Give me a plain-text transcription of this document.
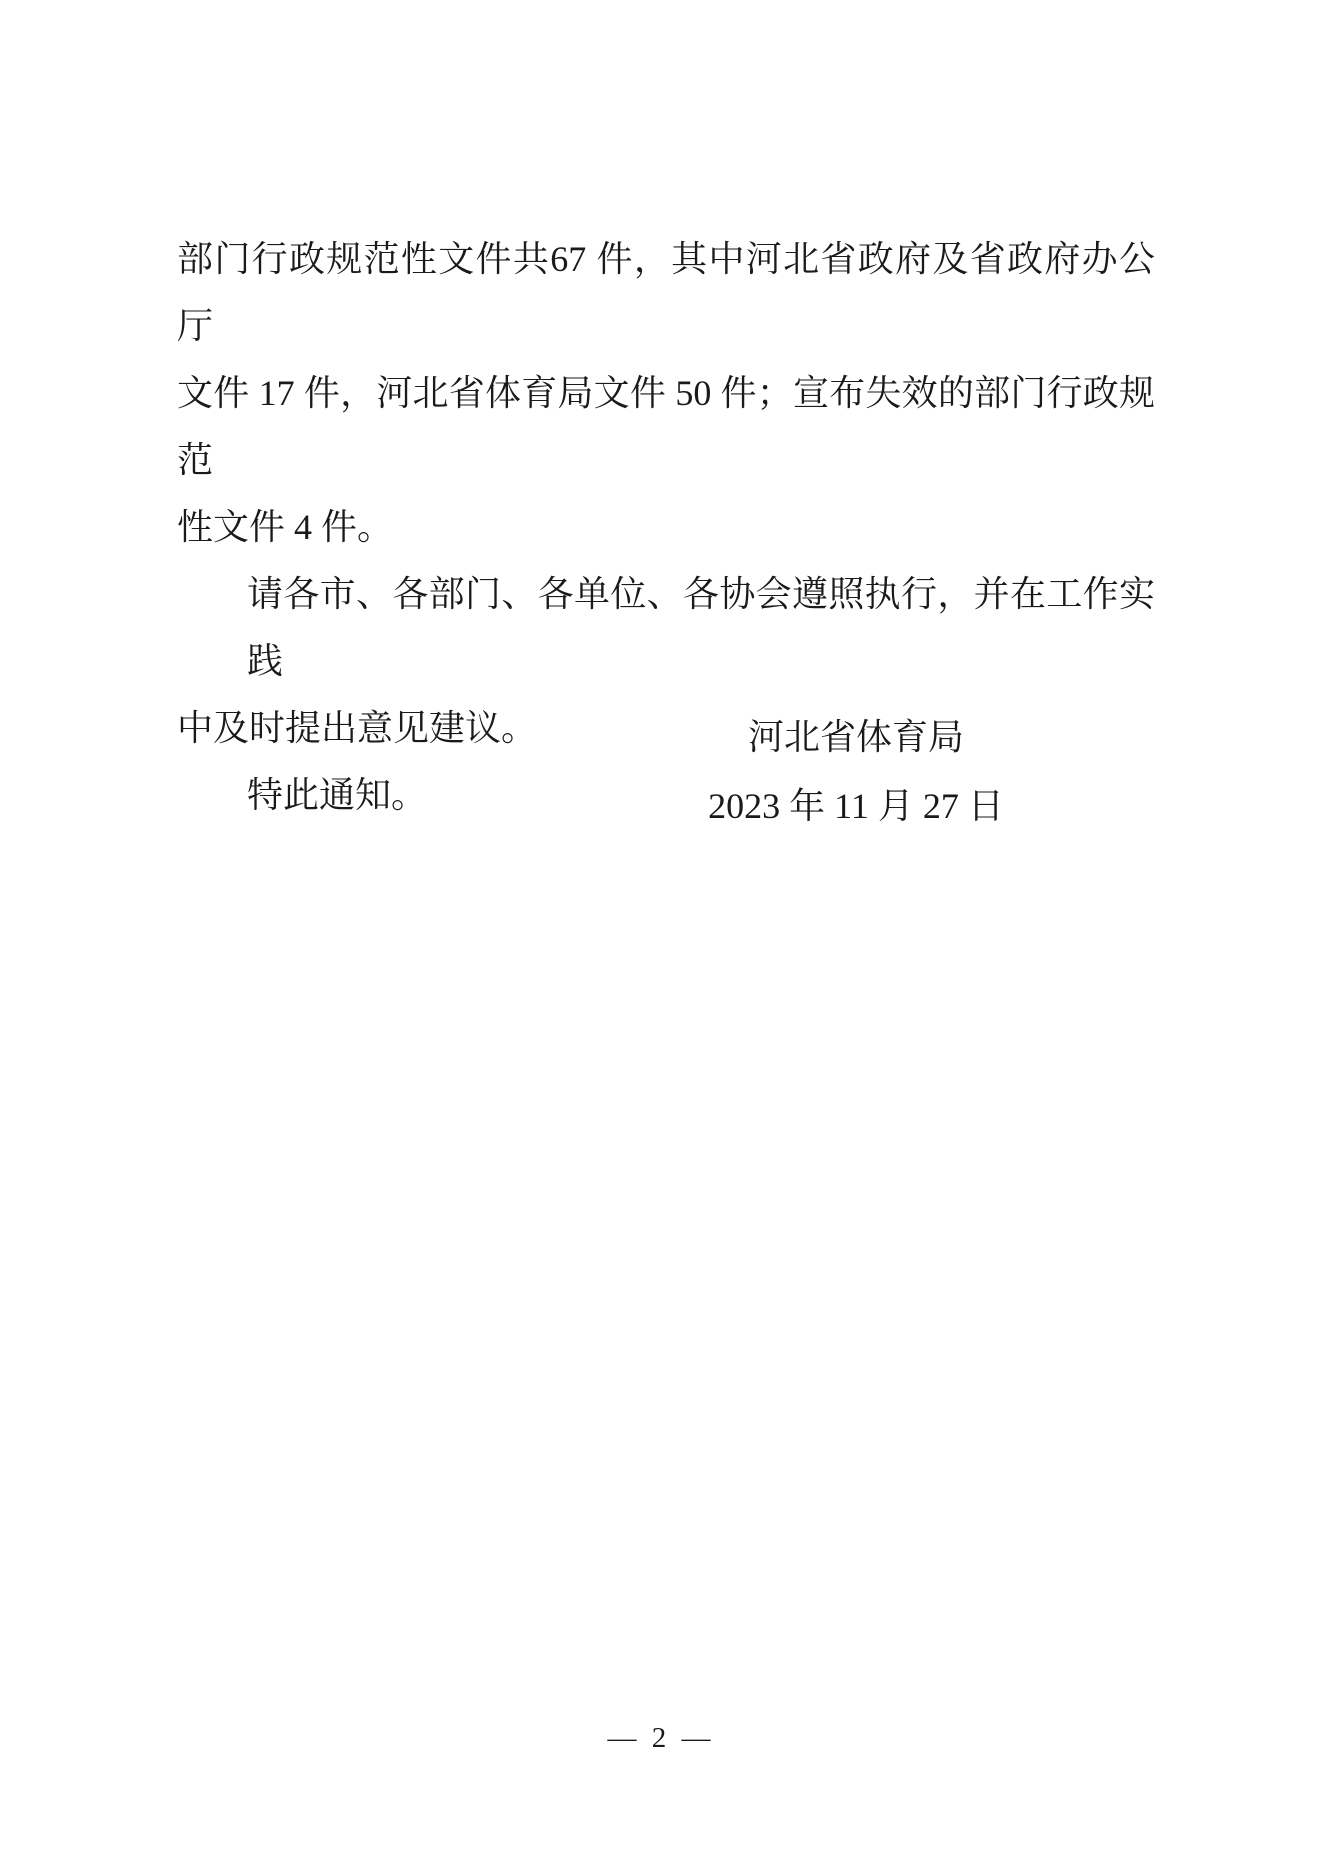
部门行政规范性文件共67 件，其中河北省政府及省政府办公厅
文件 17 件，河北省体育局文件 50 件；宣布失效的部门行政规范
性文件 4 件。
请各市、各部门、各单位、各协会遵照执行，并在工作实践
中及时提出意见建议。
特此通知。
河北省体育局
2023 年 11 月 27 日
— 2 —
